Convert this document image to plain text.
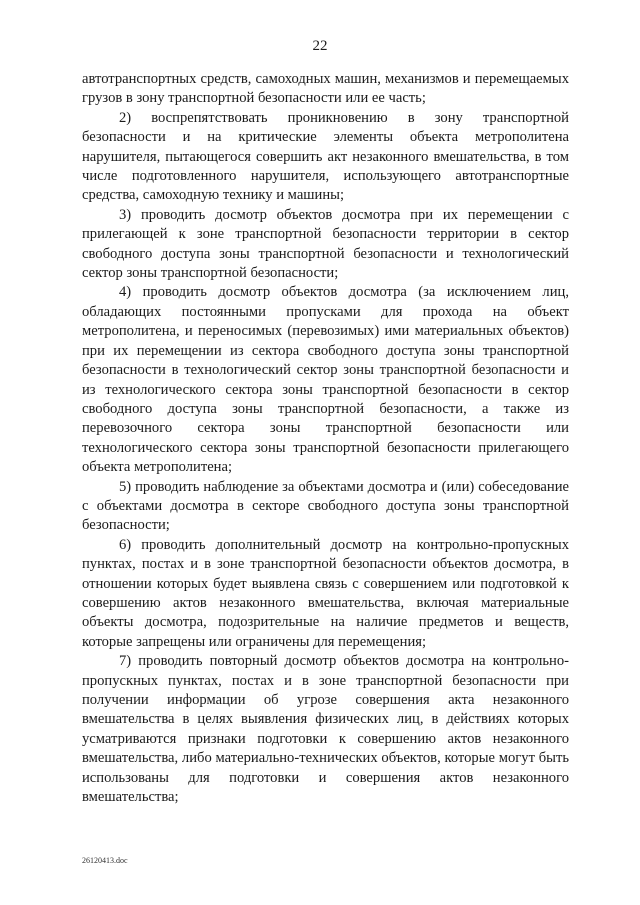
22

автотранспортных средств, самоходных машин, механизмов и перемещаемых грузов в зону транспортной безопасности или ее часть;

2) воспрепятствовать проникновению в зону транспортной безопасности и на критические элементы объекта метрополитена нарушителя, пытающегося совершить акт незаконного вмешательства, в том числе подготовленного нарушителя, использующего автотранспортные средства, самоходную технику и машины;

3) проводить досмотр объектов досмотра при их перемещении с прилегающей к зоне транспортной безопасности территории в сектор свободного доступа зоны транспортной безопасности и технологический сектор зоны транспортной безопасности;

4) проводить досмотр объектов досмотра (за исключением лиц, обладающих постоянными пропусками для прохода на объект метрополитена, и переносимых (перевозимых) ими материальных объектов) при их перемещении из сектора свободного доступа зоны транспортной безопасности в технологический сектор зоны транспортной безопасности и из технологического сектора зоны транспортной безопасности в сектор свободного доступа зоны транспортной безопасности, а также из перевозочного сектора зоны транспортной безопасности или технологического сектора зоны транспортной безопасности прилегающего объекта метрополитена;

5) проводить наблюдение за объектами досмотра и (или) собеседование с объектами досмотра в секторе свободного доступа зоны транспортной безопасности;

6) проводить дополнительный досмотр на контрольно-пропускных пунктах, постах и в зоне транспортной безопасности объектов досмотра, в отношении которых будет выявлена связь с совершением или подготовкой к совершению актов незаконного вмешательства, включая материальные объекты досмотра, подозрительные на наличие предметов и веществ, которые запрещены или ограничены для перемещения;

7) проводить повторный досмотр объектов досмотра на контрольно-пропускных пунктах, постах и в зоне транспортной безопасности при получении информации об угрозе совершения акта незаконного вмешательства в целях выявления физических лиц, в действиях которых усматриваются признаки подготовки к совершению актов незаконного вмешательства, либо материально-технических объектов, которые могут быть использованы для подготовки и совершения актов незаконного вмешательства;

26120413.doc
